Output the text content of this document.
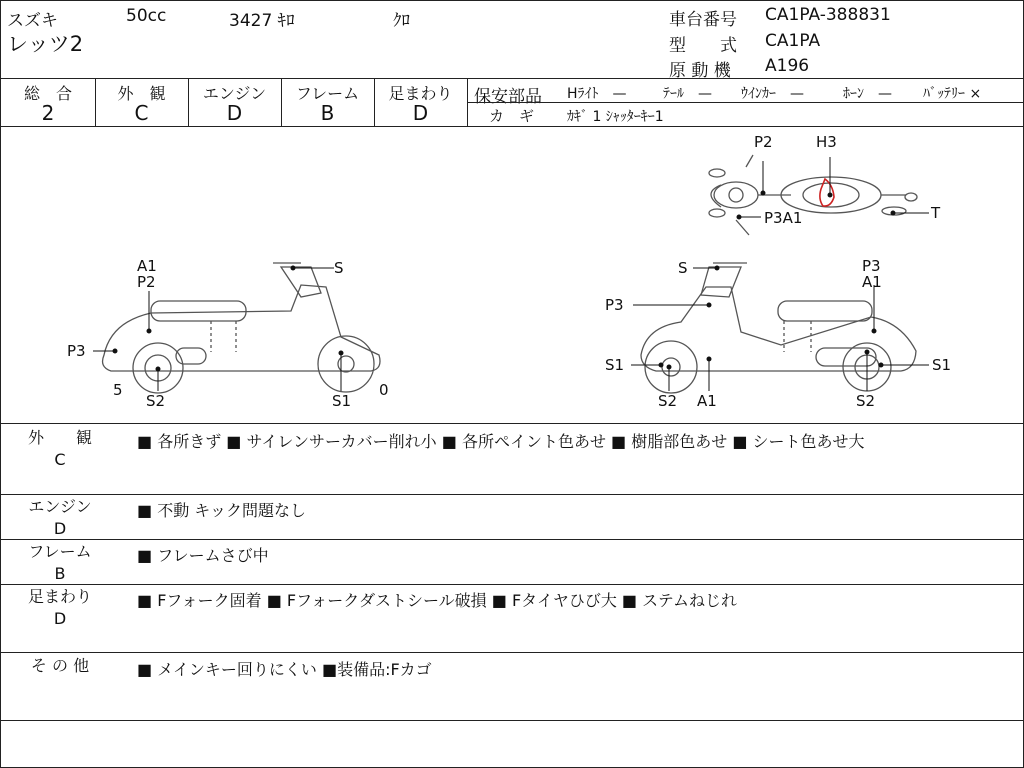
スズキ	50cc	3427 ｷﾛ	ｸﾛ
レッツ2
車台番号 CA1PA-388831
型　　式 CA1PA
原 動 機 A196
総　合
2
外　観
C
エンジン
D
フレーム
B
足まわり
D
保安部品 Hﾗｲﾄ　—	ﾃｰﾙ　— ｳｲﾝｶｰ　—	ﾎｰﾝ　— ﾊﾞｯﾃﾘｰ ×
カ　ギ ｶｷﾞ 1 ｼｬｯﾀｰｷｰ1
P2	H3
P3A1	T
A1
P2
S
P3
5
S2	S1
0
S	P3
A1
P3
S1	S1
S2 A1	S2
外　　観
C
■ 各所きず ■ サイレンサーカバー削れ小 ■ 各所ペイント色あせ ■ 樹脂部色あせ ■ シート色あせ大
エンジン
D
■ 不動 キック問題なし
フレーム
B
■ フレームさび中
足まわり
D
■ Fフォーク固着 ■ Fフォークダストシール破損 ■ Fタイヤひび大 ■ ステムねじれ
そ の 他	■ メインキー回りにくい ■装備品:Fカゴ
